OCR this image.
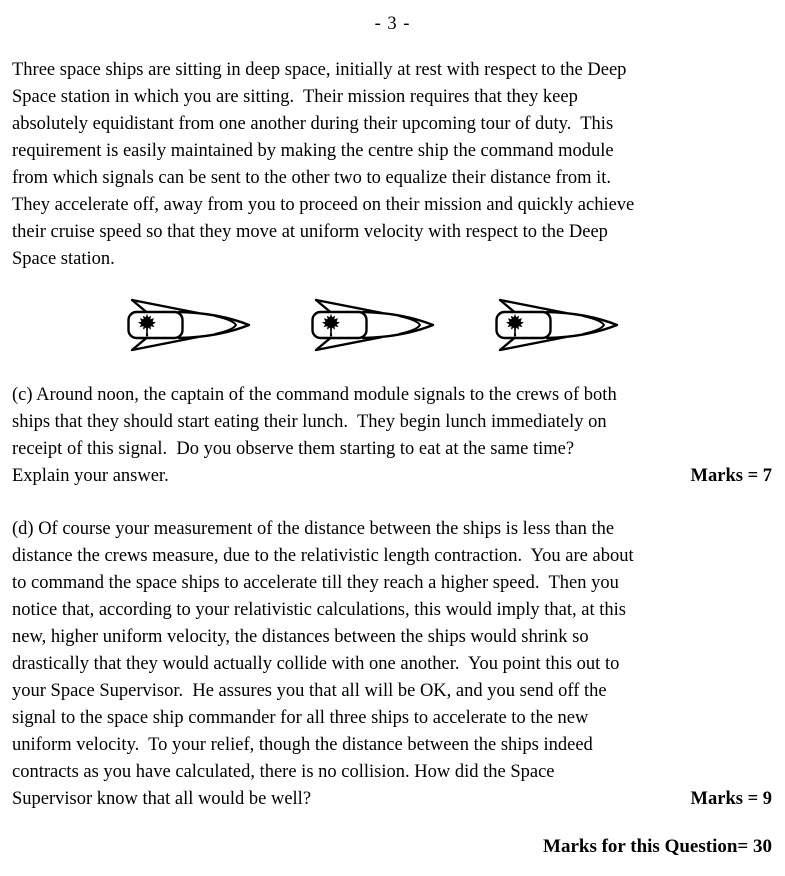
- 3 -
Three space ships are sitting in deep space, initially at rest with respect to the Deep
Space station in which you are sitting.  Their mission requires that they keep
absolutely equidistant from one another during their upcoming tour of duty.  This
requirement is easily maintained by making the centre ship the command module
from which signals can be sent to the other two to equalize their distance from it.
They accelerate off, away from you to proceed on their mission and quickly achieve
their cruise speed so that they move at uniform velocity with respect to the Deep
Space station.
(c) Around noon, the captain of the command module signals to the crews of both
ships that they should start eating their lunch.  They begin lunch immediately on
receipt of this signal.  Do you observe them starting to eat at the same time?
Explain your answer.	Marks = 7
(d) Of course your measurement of the distance between the ships is less than the
distance the crews measure, due to the relativistic length contraction.  You are about
to command the space ships to accelerate till they reach a higher speed.  Then you
notice that, according to your relativistic calculations, this would imply that, at this
new, higher uniform velocity, the distances between the ships would shrink so
drastically that they would actually collide with one another.  You point this out to
your Space Supervisor.  He assures you that all will be OK, and you send off the
signal to the space ship commander for all three ships to accelerate to the new
uniform velocity.  To your relief, though the distance between the ships indeed
contracts as you have calculated, there is no collision. How did the Space
Supervisor know that all would be well?	Marks = 9
Marks for this Question= 30
